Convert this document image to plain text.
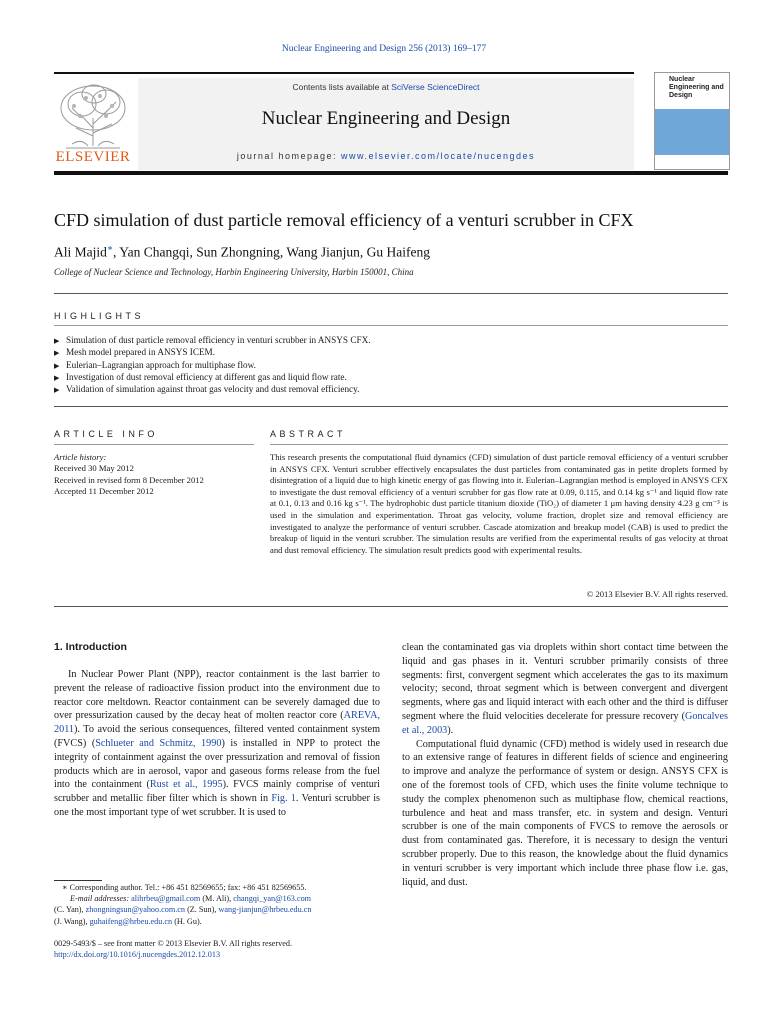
Nuclear Engineering and Design 256 (2013) 169–177
ELSEVIER
Contents lists available at SciVerse ScienceDirect
Nuclear Engineering and Design
journal homepage: www.elsevier.com/locate/nucengdes
Nuclear Engineering and Design
CFD simulation of dust particle removal efficiency of a venturi scrubber in CFX
Ali Majid∗, Yan Changqi, Sun Zhongning, Wang Jianjun, Gu Haifeng
College of Nuclear Science and Technology, Harbin Engineering University, Harbin 150001, China
HIGHLIGHTS
▶ Simulation of dust particle removal efficiency in venturi scrubber in ANSYS CFX.
▶ Mesh model prepared in ANSYS ICEM.
▶ Eulerian–Lagrangian approach for multiphase flow.
▶ Investigation of dust removal efficiency at different gas and liquid flow rate.
▶ Validation of simulation against throat gas velocity and dust removal efficiency.
ARTICLE INFO
Article history:
Received 30 May 2012
Received in revised form 8 December 2012
Accepted 11 December 2012
ABSTRACT
This research presents the computational fluid dynamics (CFD) simulation of dust particle removal efficiency of a venturi scrubber in ANSYS CFX. Venturi scrubber effectively encapsulates the dust particles from contaminated gas in petite droplets formed by disintegration of a liquid due to high kinetic energy of gas flowing into it. Eulerian–Lagrangian method is employed in ANSYS CFX to investigate the dust removal efficiency of a venturi scrubber for gas flow rate at 0.09, 0.115, and 0.14 kg s⁻¹ and liquid flow rate at 0.1, 0.13 and 0.16 kg s⁻¹. The hydrophobic dust particle titanium dioxide (TiO₂) of diameter 1 μm having density 4.23 g cm⁻³ is used in the simulation and experimentation. Throat gas velocity, volume fraction, droplet size and removal efficiency are investigated to analyze the performance of venturi scrubber. Cascade atomization and breakup model (CAB) is used to predict the breakup of liquid in the venturi scrubber. The simulation results are verified from the experimental results of gas velocity at throat and dust removal efficiency. The simulation result predicts good with experimental results.
© 2013 Elsevier B.V. All rights reserved.
1. Introduction
In Nuclear Power Plant (NPP), reactor containment is the last barrier to prevent the release of radioactive fission product into the environment due to reactor core meltdown. Reactor containment can be severely damaged due to over pressurization caused by the decay heat of molten reactor core (AREVA, 2011). To avoid the serious consequences, filtered vented containment system (FVCS) (Schlueter and Schmitz, 1990) is installed in NPP to protect the integrity of containment against the over pressurization and removal of fission products which are in aerosol, vapor and gaseous forms release from the fuel into the containment (Rust et al., 1995). FVCS mainly comprise of venturi scrubber and metallic fiber filter which is shown in Fig. 1. Venturi scrubber is one the most important type of wet scrubber. It is used to

clean the contaminated gas via droplets within short contact time between the liquid and gas phases in it. Venturi scrubber primarily consists of three segments: first, convergent segment which accelerates the gas to its maximum velocity; second, throat segment which is between convergent and divergent segments, where gas and liquid interact with each other and the third is diffuser segment where the fluid velocities decelerate for pressure recovery (Goncalves et al., 2003).

Computational fluid dynamic (CFD) method is widely used in research due to an extensive range of features in different fields of science and engineering to improve and analyze the performance of system or design. ANSYS CFX is one of the foremost tools of CFD, which uses the finite volume technique to study the complex phenomenon such as multiphase flow, chemical reactions, turbulence and heat and mass transfer, etc. in system and design. Venturi scrubber is one of the main components of FVCS to remove the aerosols or dust from contaminated gas. Therefore, it is necessary to design the venturi scrubber properly. Due to this reason, the knowledge about the fluid dynamics in venturi scrubber is very important which include three phase flow i.e. gas, liquid, and dust.

∗ Corresponding author. Tel.: +86 451 82569655; fax: +86 451 82569655.
E-mail addresses: alihrbeu@gmail.com (M. Ali), changqi_yan@163.com
(C. Yan), zhongningsun@yahoo.com.cn (Z. Sun), wang-jianjun@hrbeu.edu.cn
(J. Wang), guhaifeng@hrbeu.edu.cn (H. Gu).
0029-5493/$ – see front matter © 2013 Elsevier B.V. All rights reserved.
http://dx.doi.org/10.1016/j.nucengdes.2012.12.013
